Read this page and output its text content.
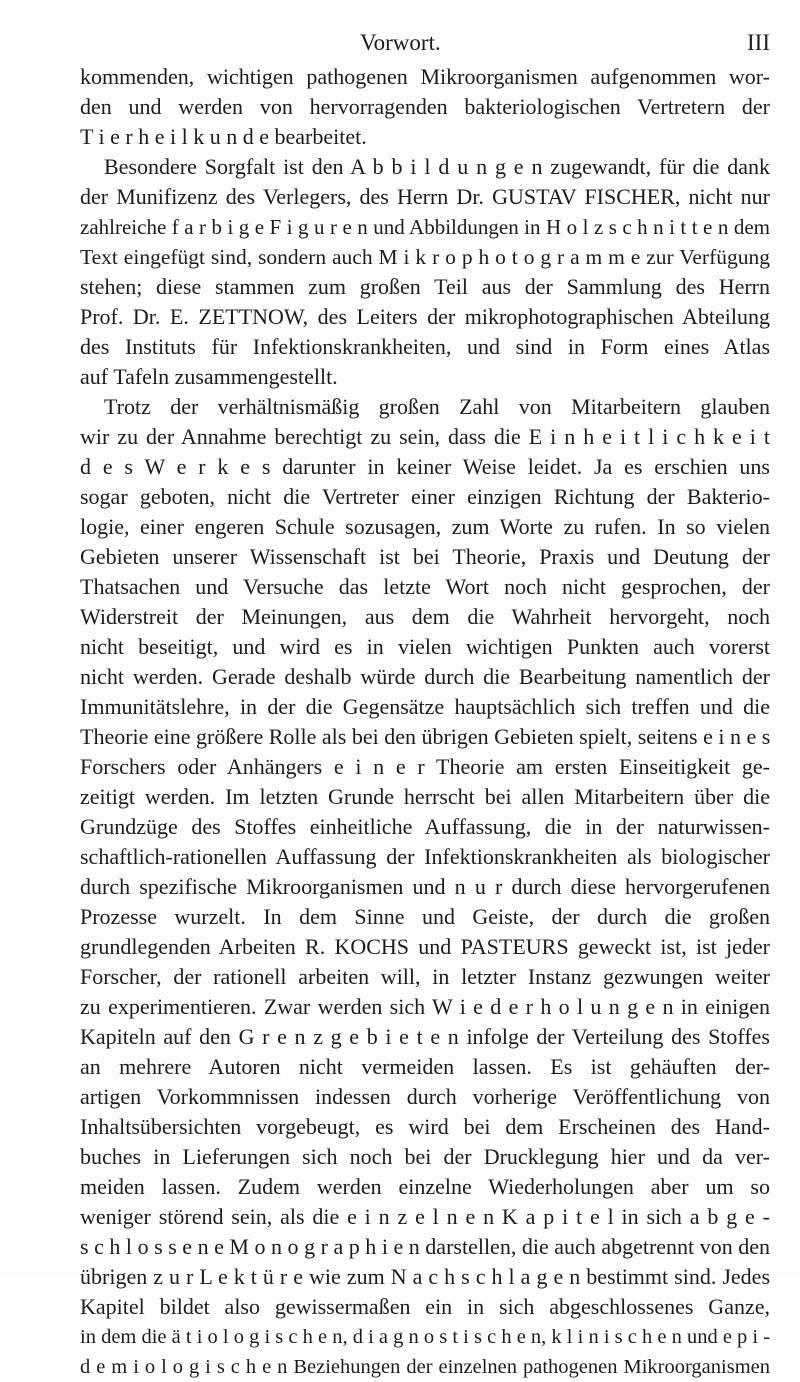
Vorwort.	III
kommenden, wichtigen pathogenen Mikroorganismen aufgenommen wor-
den und werden von hervorragenden bakteriologischen Vertretern der
T i e r h e i l k u n d e bearbeitet.
Besondere Sorgfalt ist den A b b i l d u n g e n zugewandt, für die dank
der Munifizenz des Verlegers, des Herrn Dr. GUSTAV FISCHER, nicht nur
zahlreiche f a r b i g e F i g u r e n und Abbildungen in H o l z s c h n i t t e n dem
Text eingefügt sind, sondern auch M i k r o p h o t o g r a m m e zur Verfügung
stehen; diese stammen zum großen Teil aus der Sammlung des Herrn
Prof. Dr. E. ZETTNOW, des Leiters der mikrophotographischen Abteilung
des Instituts für Infektionskrankheiten, und sind in Form eines Atlas
auf Tafeln zusammengestellt.
Trotz der verhältnismäßig großen Zahl von Mitarbeitern glauben
wir zu der Annahme berechtigt zu sein, dass die E i n h e i t l i c h k e i t
d e s W e r k e s darunter in keiner Weise leidet. Ja es erschien uns
sogar geboten, nicht die Vertreter einer einzigen Richtung der Bakterio-
logie, einer engeren Schule sozusagen, zum Worte zu rufen. In so vielen
Gebieten unserer Wissenschaft ist bei Theorie, Praxis und Deutung der
Thatsachen und Versuche das letzte Wort noch nicht gesprochen, der
Widerstreit der Meinungen, aus dem die Wahrheit hervorgeht, noch
nicht beseitigt, und wird es in vielen wichtigen Punkten auch vorerst
nicht werden. Gerade deshalb würde durch die Bearbeitung namentlich der
Immunitätslehre, in der die Gegensätze hauptsächlich sich treffen und die
Theorie eine größere Rolle als bei den übrigen Gebieten spielt, seitens e i n e s
Forschers oder Anhängers e i n e r Theorie am ersten Einseitigkeit ge-
zeitigt werden. Im letzten Grunde herrscht bei allen Mitarbeitern über die
Grundzüge des Stoffes einheitliche Auffassung, die in der naturwissen-
schaftlich-rationellen Auffassung der Infektionskrankheiten als biologischer
durch spezifische Mikroorganismen und n u r durch diese hervorgerufenen
Prozesse wurzelt. In dem Sinne und Geiste, der durch die großen
grundlegenden Arbeiten R. KOCHS und PASTEURS geweckt ist, ist jeder
Forscher, der rationell arbeiten will, in letzter Instanz gezwungen weiter
zu experimentieren. Zwar werden sich W i e d e r h o l u n g e n in einigen
Kapiteln auf den G r e n z g e b i e t e n infolge der Verteilung des Stoffes
an mehrere Autoren nicht vermeiden lassen. Es ist gehäuften der-
artigen Vorkommnissen indessen durch vorherige Veröffentlichung von
Inhaltsübersichten vorgebeugt, es wird bei dem Erscheinen des Hand-
buches in Lieferungen sich noch bei der Drucklegung hier und da ver-
meiden lassen. Zudem werden einzelne Wiederholungen aber um so
weniger störend sein, als die e i n z e l n e n K a p i t e l in sich a b g e -
s c h l o s s e n e M o n o g r a p h i e n darstellen, die auch abgetrennt von den
übrigen z u r L e k t ü r e wie zum N a c h s c h l a g e n bestimmt sind. Jedes
Kapitel bildet also gewissermaßen ein in sich abgeschlossenes Ganze,
in dem die ä t i o l o g i s c h e n, d i a g n o s t i s c h e n, k l i n i s c h e n und e p i -
d e m i o l o g i s c h e n Beziehungen der einzelnen pathogenen Mikroorganismen
